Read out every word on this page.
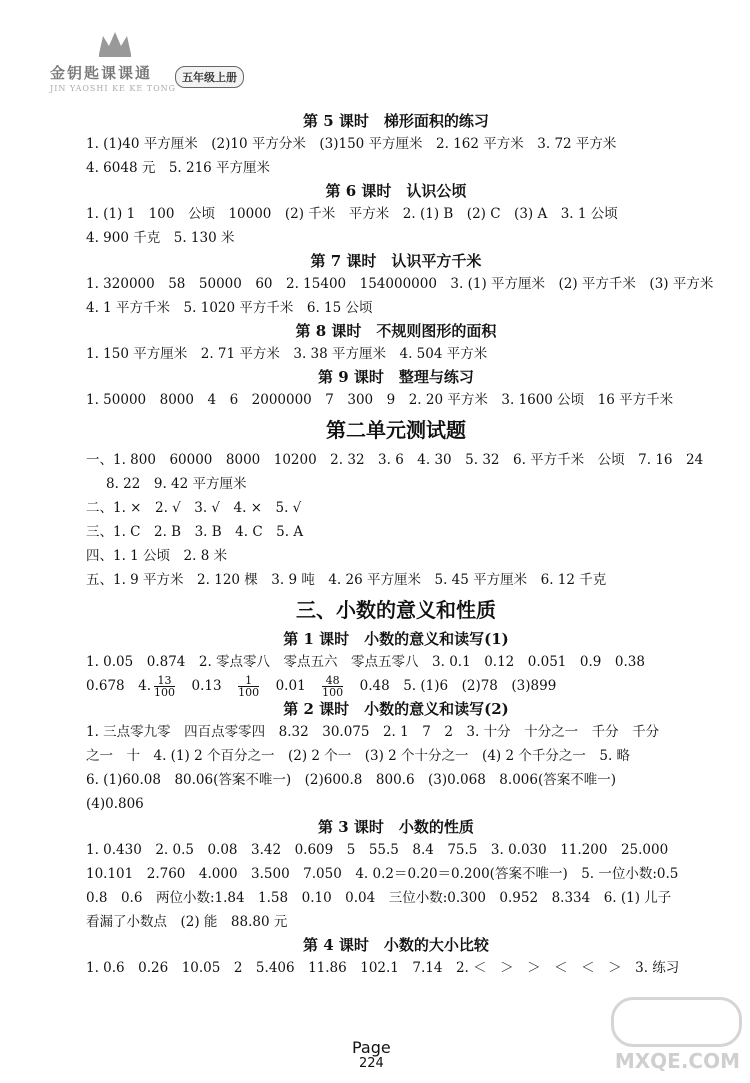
金钥匙课课通
JIN YAOSHI KE KE TONG
五年级上册
第 5 课时　梯形面积的练习
1. (1)40 平方厘米　(2)10 平方分米　(3)150 平方厘米　2. 162 平方米　3. 72 平方米
4. 6048 元　5. 216 平方厘米
第 6 课时　认识公顷
1. (1) 1　100　公顷　10000　(2) 千米　平方米　2. (1) B　(2) C　(3) A　3. 1 公顷
4. 900 千克　5. 130 米
第 7 课时　认识平方千米
1. 320000　58　50000　60　2. 15400　154000000　3. (1) 平方厘米　(2) 平方千米　(3) 平方米
4. 1 平方千米　5. 1020 平方千米　6. 15 公顷
第 8 课时　不规则图形的面积
1. 150 平方厘米　2. 71 平方米　3. 38 平方厘米　4. 504 平方米
第 9 课时　整理与练习
1. 50000　8000　4　6　2000000　7　300　9　2. 20 平方米　3. 1600 公顷　16 平方千米
第二单元测试题
一、1. 800　60000　8000　10200　2. 32　3. 6　4. 30　5. 32　6. 平方千米　公顷　7. 16　24
8. 22　9. 42 平方厘米
二、1. ×　2. √　3. √　4. ×　5. √
三、1. C　2. B　3. B　4. C　5. A
四、1. 1 公顷　2. 8 米
五、1. 9 平方米　2. 120 棵　3. 9 吨　4. 26 平方厘米　5. 45 平方厘米　6. 12 千克
三、小数的意义和性质
第 1 课时　小数的意义和读写(1)
1. 0.05　0.874　2. 零点零八　零点五六　零点五零八　3. 0.1　0.12　0.051　0.9　0.38
0.678　4. $\frac{13}{100}$
　 0.13　 $\frac{1}{100}$
　 0.01　 $\frac{48}{100}$
　 0.48　5. (1)6　(2)78　(3)899
第 2 课时　小数的意义和读写(2)
1. 三点零九零　四百点零零四　8.32　30.075　2. 1　7　2　3. 十分　十分之一　千分　千分
之一　十　4. (1) 2 个百分之一　(2) 2 个一　(3) 2 个十分之一　(4) 2 个千分之一　5. 略
6. (1)60.08　80.06(答案不唯一)　(2)600.8　800.6　(3)0.068　8.006(答案不唯一)
(4)0.806
第 3 课时　小数的性质
1. 0.430　2. 0.5　0.08　3.42　0.609　5　55.5　8.4　75.5　3. 0.030　11.200　25.000
10.101　2.760　4.000　3.500　7.050　4. 0.2＝0.20＝0.200(答案不唯一)　5. 一位小数:0.5
0.8　0.6　两位小数:1.84　1.58　0.10　0.04　三位小数:0.300　0.952　8.334　6. (1) 儿子
看漏了小数点　(2) 能　88.80 元
第 4 课时　小数的大小比较
1. 0.6　0.26　10.05　2　5.406　11.86　102.1　7.14　2. ＜　＞　＞　＜　＜　＞　3. 练习
Page
224	MXQE.COM
